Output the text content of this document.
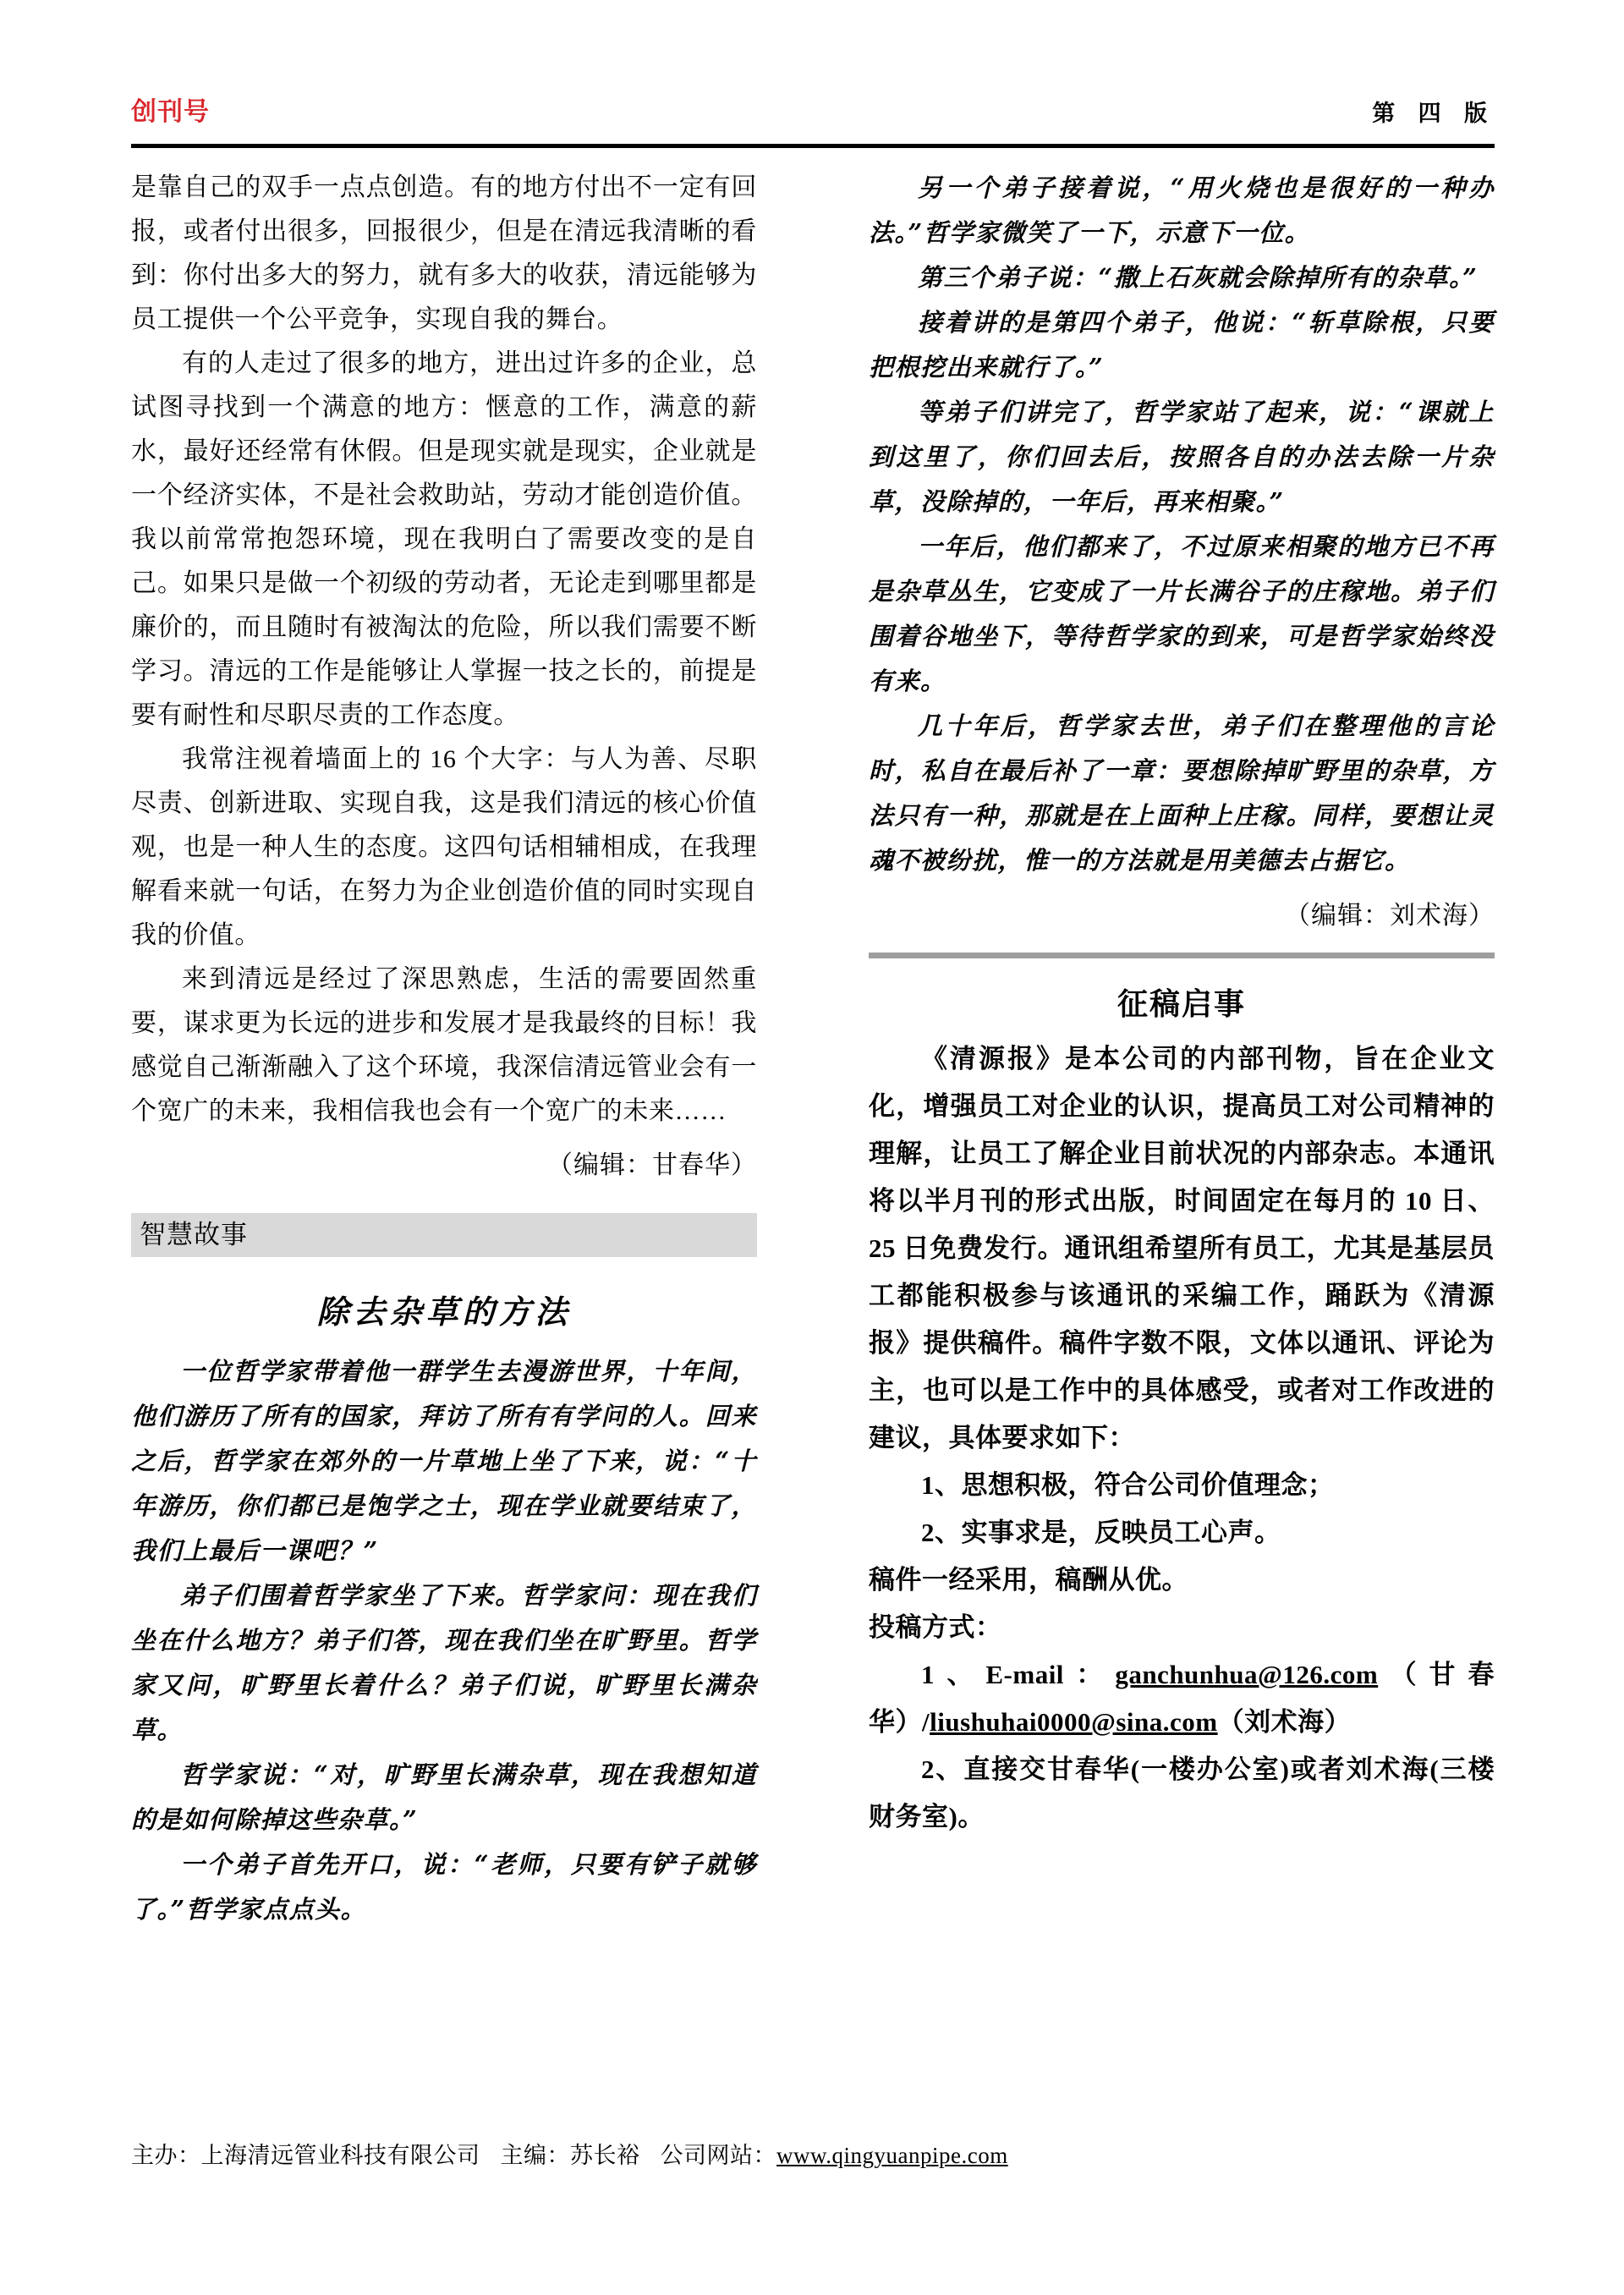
创刊号	第 四 版

是靠自己的双手一点点创造。有的地方付出不一定有回报，或者付出很多，回报很少，但是在清远我清晰的看到：你付出多大的努力，就有多大的收获，清远能够为员工提供一个公平竞争，实现自我的舞台。

有的人走过了很多的地方，进出过许多的企业，总试图寻找到一个满意的地方：惬意的工作，满意的薪水，最好还经常有休假。但是现实就是现实，企业就是一个经济实体，不是社会救助站，劳动才能创造价值。我以前常常抱怨环境，现在我明白了需要改变的是自己。如果只是做一个初级的劳动者，无论走到哪里都是廉价的，而且随时有被淘汰的危险，所以我们需要不断学习。清远的工作是能够让人掌握一技之长的，前提是要有耐性和尽职尽责的工作态度。

我常注视着墙面上的 16 个大字：与人为善、尽职尽责、创新进取、实现自我，这是我们清远的核心价值观，也是一种人生的态度。这四句话相辅相成，在我理解看来就一句话，在努力为企业创造价值的同时实现自我的价值。

来到清远是经过了深思熟虑，生活的需要固然重要，谋求更为长远的进步和发展才是我最终的目标！我感觉自己渐渐融入了这个环境，我深信清远管业会有一个宽广的未来，我相信我也会有一个宽广的未来……

（编辑：甘春华）

智慧故事
除去杂草的方法

一位哲学家带着他一群学生去漫游世界，十年间，他们游历了所有的国家，拜访了所有有学问的人。回来之后，哲学家在郊外的一片草地上坐了下来，说：“十年游历，你们都已是饱学之士，现在学业就要结束了，我们上最后一课吧？”

弟子们围着哲学家坐了下来。哲学家问：现在我们坐在什么地方？弟子们答，现在我们坐在旷野里。哲学家又问，旷野里长着什么？弟子们说，旷野里长满杂草。

哲学家说：“对，旷野里长满杂草，现在我想知道的是如何除掉这些杂草。”

一个弟子首先开口，说：“老师，只要有铲子就够了。”哲学家点点头。

另一个弟子接着说，“用火烧也是很好的一种办法。”哲学家微笑了一下，示意下一位。

第三个弟子说：“撒上石灰就会除掉所有的杂草。”

接着讲的是第四个弟子，他说：“斩草除根，只要把根挖出来就行了。”

等弟子们讲完了，哲学家站了起来，说：“课就上到这里了，你们回去后，按照各自的办法去除一片杂草，没除掉的，一年后，再来相聚。”

一年后，他们都来了，不过原来相聚的地方已不再是杂草丛生，它变成了一片长满谷子的庄稼地。弟子们围着谷地坐下，等待哲学家的到来，可是哲学家始终没有来。

几十年后，哲学家去世，弟子们在整理他的言论时，私自在最后补了一章：要想除掉旷野里的杂草，方法只有一种，那就是在上面种上庄稼。同样，要想让灵魂不被纷扰，惟一的方法就是用美德去占据它。

（编辑：刘术海）

征稿启事

《清源报》是本公司的内部刊物，旨在企业文化，增强员工对企业的认识，提高员工对公司精神的理解，让员工了解企业目前状况的内部杂志。本通讯将以半月刊的形式出版，时间固定在每月的 10 日、25 日免费发行。通讯组希望所有员工，尤其是基层员工都能积极参与该通讯的采编工作，踊跃为《清源报》提供稿件。稿件字数不限，文体以通讯、评论为主，也可以是工作中的具体感受，或者对工作改进的建议，具体要求如下：

1、思想积极，符合公司价值理念；

2、实事求是，反映员工心声。

稿件一经采用，稿酬从优。

投稿方式：

1、E-mail：ganchunhua@126.com（甘春华）/liushuhai0000@sina.com（刘术海）

2、直接交甘春华(一楼办公室)或者刘术海(三楼财务室)。

主办：上海清远管业科技有限公司 主编：苏长裕 公司网站：www.qingyuanpipe.com
